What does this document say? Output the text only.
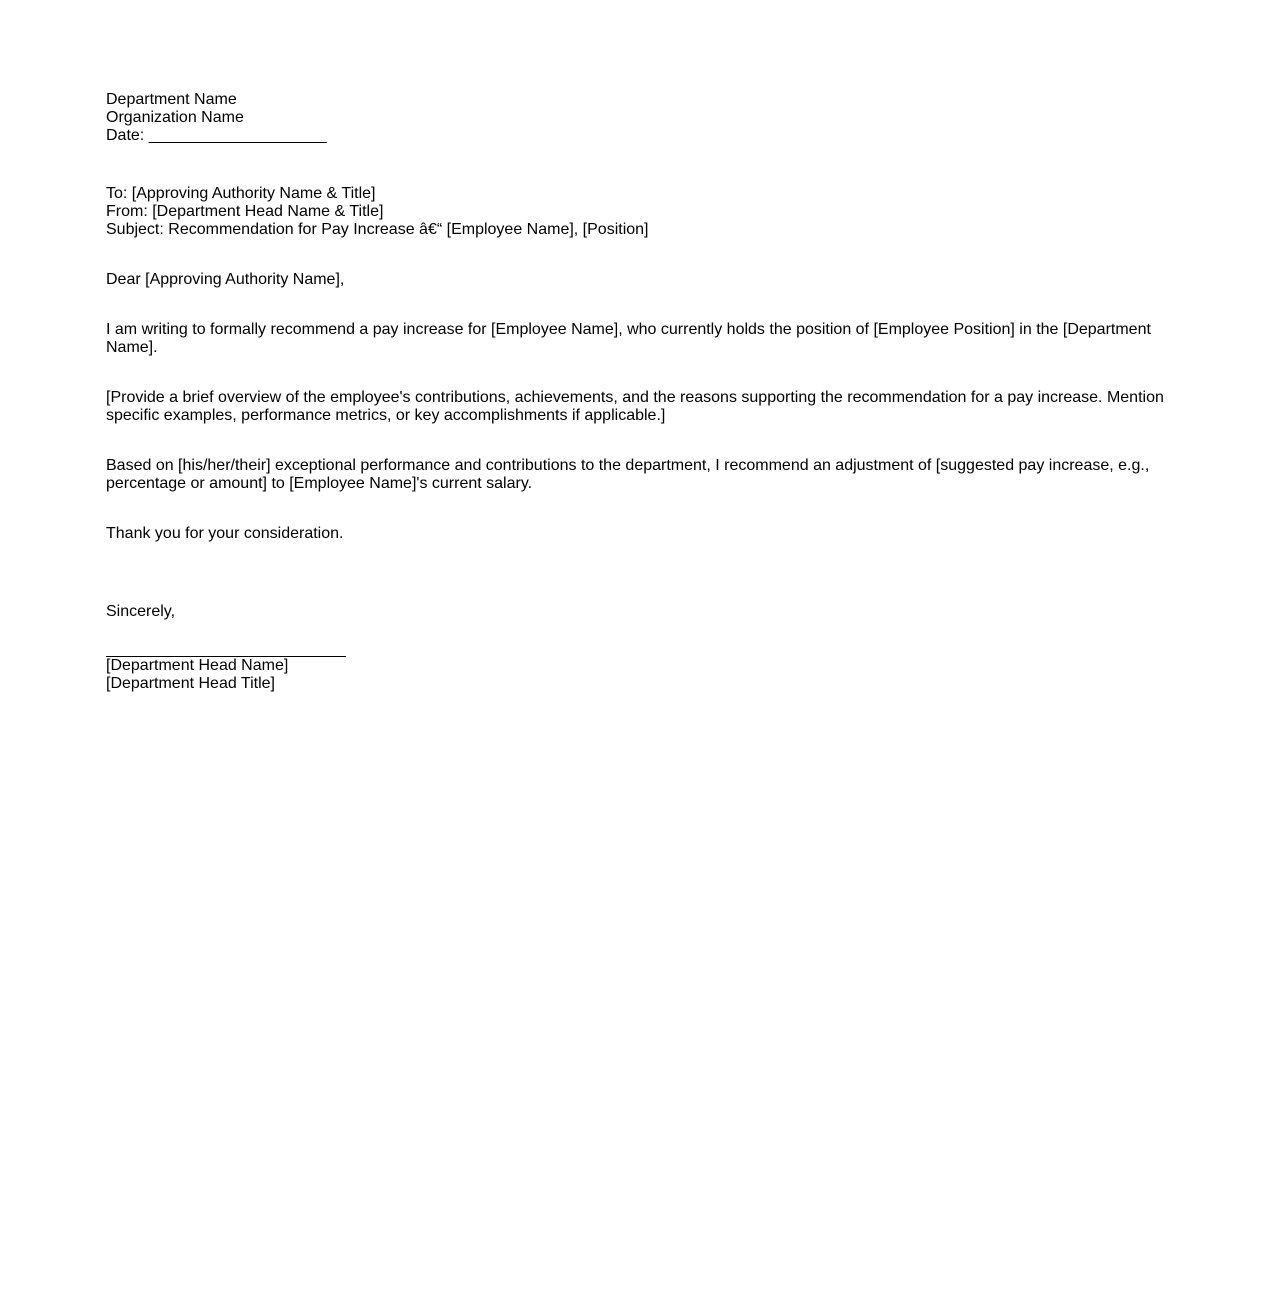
Department Name
Organization Name
Date: ____________________
To: [Approving Authority Name & Title]
From: [Department Head Name & Title]
Subject: Recommendation for Pay Increase â€“ [Employee Name], [Position]
Dear [Approving Authority Name],
I am writing to formally recommend a pay increase for [Employee Name], who currently holds the position of [Employee Position] in the [Department Name].
[Provide a brief overview of the employee's contributions, achievements, and the reasons supporting the recommendation for a pay increase. Mention specific examples, performance metrics, or key accomplishments if applicable.]
Based on [his/her/their] exceptional performance and contributions to the department, I recommend an adjustment of [suggested pay increase, e.g., percentage or amount] to [Employee Name]'s current salary.
Thank you for your consideration.
Sincerely,
[Department Head Name]
[Department Head Title]
